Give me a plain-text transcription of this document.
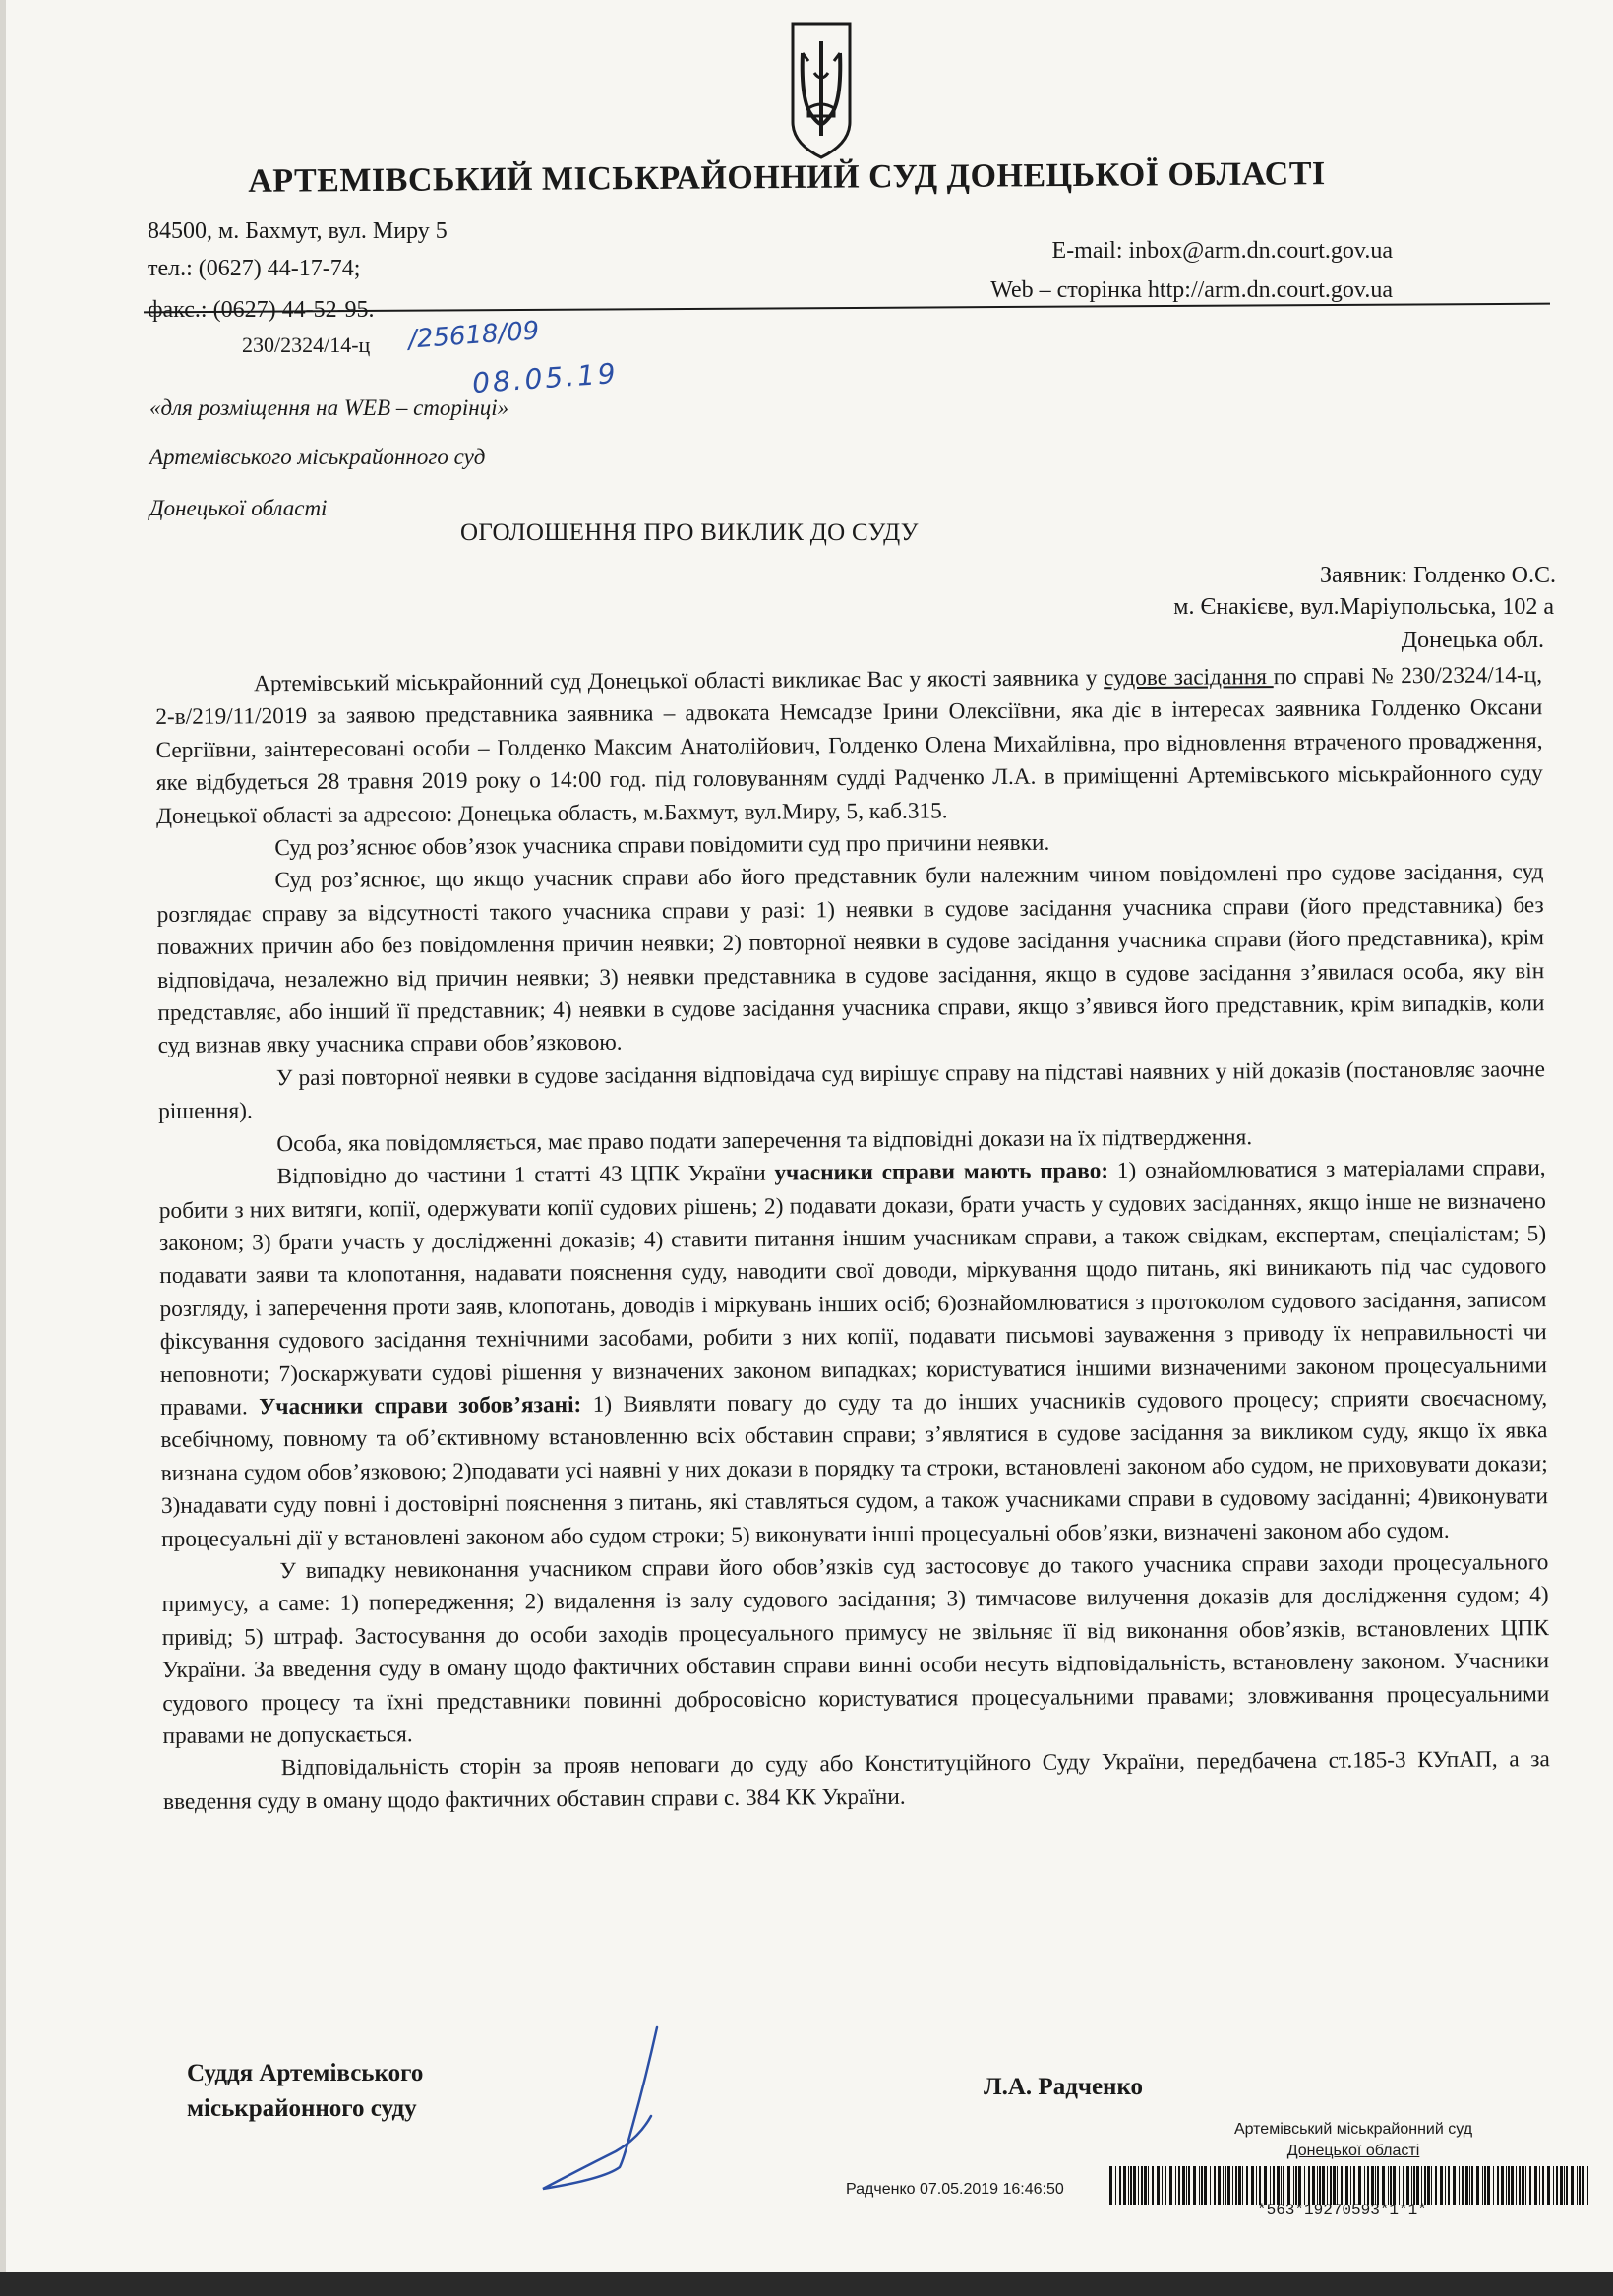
АРТЕМІВСЬКИЙ МІСЬКРАЙОННИЙ СУД ДОНЕЦЬКОЇ ОБЛАСТІ
84500, м. Бахмут, вул. Миру 5
тел.: (0627) 44-17-74;
факс.: (0627) 44-52-95.
E-mail: inbox@arm.dn.court.gov.ua
Web – сторінка http://arm.dn.court.gov.ua
230/2324/14-ц /25618/09
08.05.19
«для розміщення на WEB – сторінці»
Артемівського міськрайонного суд
Донецької області
ОГОЛОШЕННЯ ПРО ВИКЛИК ДО СУДУ
Заявник: Голденко О.С.
м. Єнакієве, вул.Маріупольська, 102 а
Донецька обл.

Артемівський міськрайонний суд Донецької області викликає Вас у якості заявника у судове засідання по справі № 230/2324/14-ц, 2-в/219/11/2019 за заявою представника заявника – адвоката Немсадзе Ірини Олексіївни, яка діє в інтересах заявника Голденко Оксани Сергіївни, заінтересовані особи – Голденко Максим Анатолійович, Голденко Олена Михайлівна, про відновлення втраченого провадження, яке відбудеться 28 травня 2019 року о 14:00 год. під головуванням судді Радченко Л.А. в приміщенні Артемівського міськрайонного суду Донецької області за адресою: Донецька область, м.Бахмут, вул.Миру, 5, каб.315.

Суд роз’яснює обов’язок учасника справи повідомити суд про причини неявки.

Суд роз’яснює, що якщо учасник справи або його представник були належним чином повідомлені про судове засідання, суд розглядає справу за відсутності такого учасника справи у разі: 1) неявки в судове засідання учасника справи (його представника) без поважних причин або без повідомлення причин неявки; 2) повторної неявки в судове засідання учасника справи (його представника), крім відповідача, незалежно від причин неявки; 3) неявки представника в судове засідання, якщо в судове засідання з’явилася особа, яку він представляє, або інший її представник; 4) неявки в судове засідання учасника справи, якщо з’явився його представник, крім випадків, коли суд визнав явку учасника справи обов’язковою.

У разі повторної неявки в судове засідання відповідача суд вирішує справу на підставі наявних у ній доказів (постановляє заочне рішення).

Особа, яка повідомляється, має право подати заперечення та відповідні докази на їх підтвердження.

Відповідно до частини 1 статті 43 ЦПК України учасники справи мають право: 1) ознайомлюватися з матеріалами справи, робити з них витяги, копії, одержувати копії судових рішень; 2) подавати докази, брати участь у судових засіданнях, якщо інше не визначено законом; 3) брати участь у дослідженні доказів; 4) ставити питання іншим учасникам справи, а також свідкам, експертам, спеціалістам; 5) подавати заяви та клопотання, надавати пояснення суду, наводити свої доводи, міркування щодо питань, які виникають під час судового розгляду, і заперечення проти заяв, клопотань, доводів і міркувань інших осіб; 6)ознайомлюватися з протоколом судового засідання, записом фіксування судового засідання технічними засобами, робити з них копії, подавати письмові зауваження з приводу їх неправильності чи неповноти; 7)оскаржувати судові рішення у визначених законом випадках; користуватися іншими визначеними законом процесуальними правами. Учасники справи зобов’язані: 1) Виявляти повагу до суду та до інших учасників судового процесу; сприяти своєчасному, всебічному, повному та об’єктивному встановленню всіх обставин справи; з’являтися в судове засідання за викликом суду, якщо їх явка визнана судом обов’язковою; 2)подавати усі наявні у них докази в порядку та строки, встановлені законом або судом, не приховувати докази; 3)надавати суду повні і достовірні пояснення з питань, які ставляться судом, а також учасниками справи в судовому засіданні; 4)виконувати процесуальні дії у встановлені законом або судом строки; 5) виконувати інші процесуальні обов’язки, визначені законом або судом.

У випадку невиконання учасником справи його обов’язків суд застосовує до такого учасника справи заходи процесуального примусу, а саме: 1) попередження; 2) видалення із залу судового засідання; 3) тимчасове вилучення доказів для дослідження судом; 4) привід; 5) штраф. Застосування до особи заходів процесуального примусу не звільняє її від виконання обов’язків, встановлених ЦПК України. За введення суду в оману щодо фактичних обставин справи винні особи несуть відповідальність, встановлену законом. Учасники судового процесу та їхні представники повинні добросовісно користуватися процесуальними правами; зловживання процесуальними правами не допускається.

Відповідальність сторін за прояв неповаги до суду або Конституційного Суду України, передбачена ст.185-3 КУпАП, а за введення суду в оману щодо фактичних обставин справи с. 384 КК України.

Суддя Артемівського
міськрайонного суду
Л.А. Радченко
Артемівський міськрайонний суд
Донецької області
Радченко 07.05.2019 16:46:50
*563*19270593*1*1*
